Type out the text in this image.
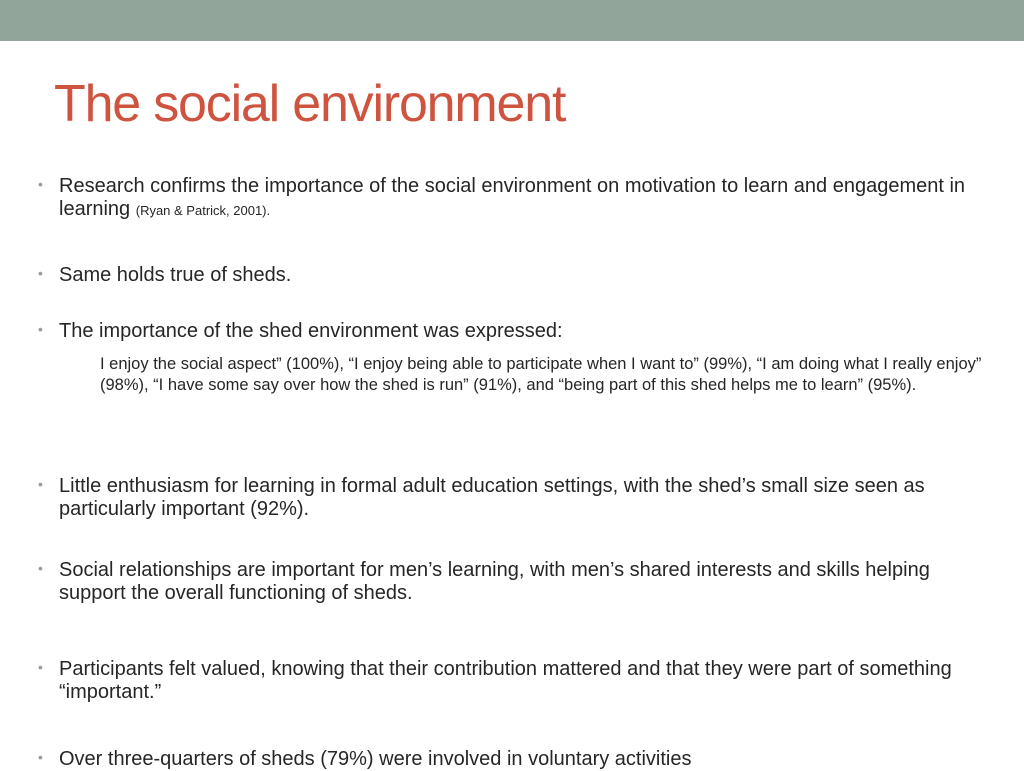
The social environment
• Research confirms the importance of the social environment on motivation to learn and engagement in learning (Ryan & Patrick, 2001).
• Same holds true of sheds.
• The importance of the shed environment was expressed:
I enjoy the social aspect” (100%), “I enjoy being able to participate when I want to” (99%), “I am doing what I really enjoy” (98%), “I have some say over how the shed is run” (91%), and “being part of this shed helps me to learn” (95%).
• Little enthusiasm for learning in formal adult education settings, with the shed’s small size seen as particularly important (92%).
• Social relationships are important for men’s learning, with men’s shared interests and skills helping support the overall functioning of sheds.
• Participants felt valued, knowing that their contribution mattered and that they were part of something “important.”
• Over three-quarters of sheds (79%) were involved in voluntary activities
